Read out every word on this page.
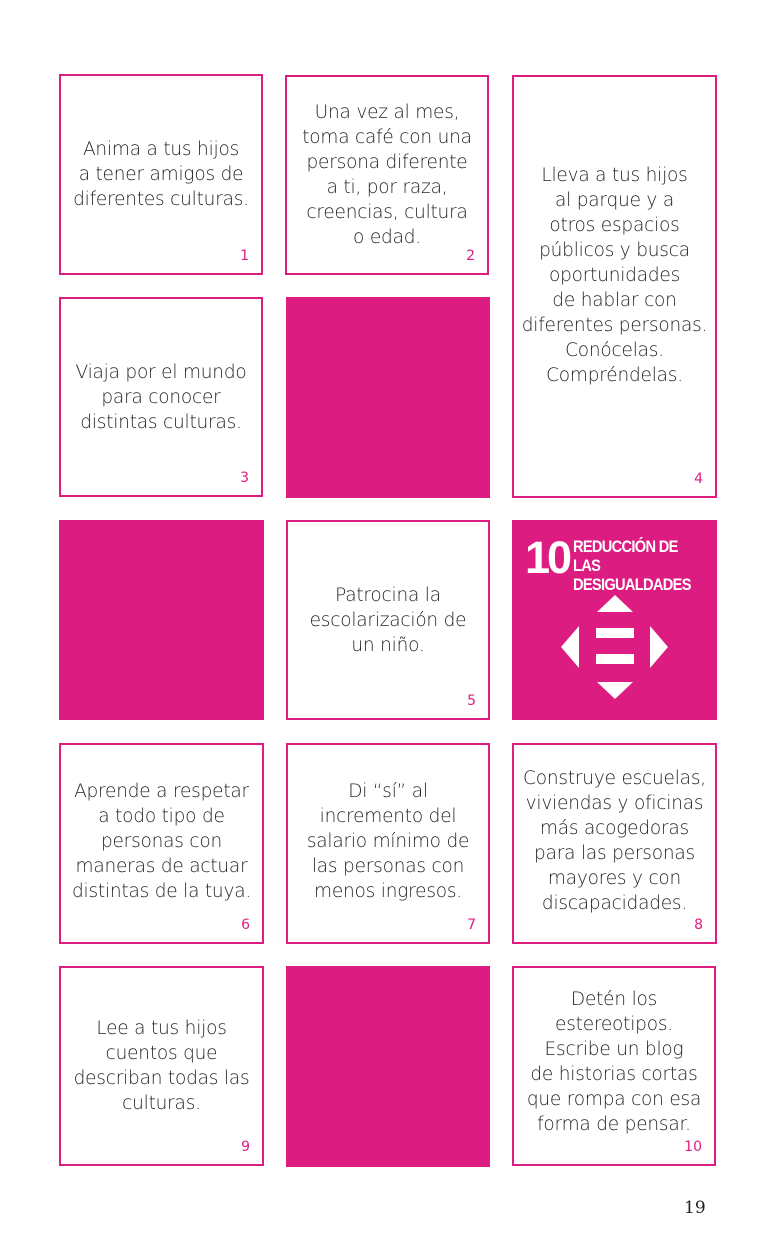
Anima a tus hijos
a tener amigos de
diferentes culturas.
1
Una vez al mes,
toma café con una
persona diferente
a ti, por raza,
creencias, cultura
o edad.
2
Lleva a tus hijos
al parque y a
otros espacios
públicos y busca
oportunidades
de hablar con
diferentes personas.
Conócelas.
Compréndelas.
4
Viaja por el mundo
para conocer
distintas culturas.
3
Patrocina la
escolarización de
un niño.
5
10 REDUCCIÓN DE LAS
DESIGUALDADES
Aprende a respetar
a todo tipo de
personas con
maneras de actuar
distintas de la tuya.
6
Di “sí” al
incremento del
salario mínimo de
las personas con
menos ingresos.
7
Construye escuelas,
viviendas y oficinas
más acogedoras
para las personas
mayores y con
discapacidades.
8
Lee a tus hijos
cuentos que
describan todas las
culturas.
9
Detén los
estereotipos.
Escribe un blog
de historias cortas
que rompa con esa
forma de pensar.
10
19
